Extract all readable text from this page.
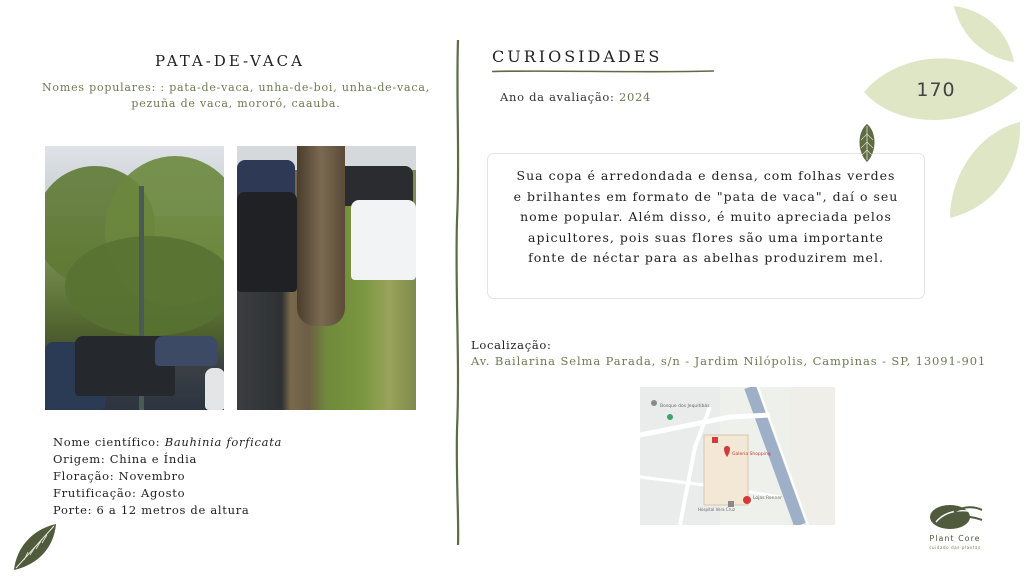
PATA-DE-VACA
Nomes populares: : pata-de-vaca, unha-de-boi, unha-de-vaca, pezuña de vaca, mororó, caauba.
Nome científico: Bauhinia forficata
Origem: China e Índia
Floração: Novembro
Frutificação: Agosto
Porte: 6 a 12 metros de altura
CURIOSIDADES
Ano da avaliação: 2024
Sua copa é arredondada e densa, com folhas verdes e brilhantes em formato de "pata de vaca", daí o seu nome popular. Além disso, é muito apreciada pelos apicultores, pois suas flores são uma importante fonte de néctar para as abelhas produzirem mel.
Localização:
Av. Bailarina Selma Parada, s/n - Jardim Nilópolis, Campinas - SP, 13091-901
Bosque dos Jequitibás
Galeria Shopping
Lojas Renner
Hospital Vera Cruz
170
Plant Core
cuidado das plantas
